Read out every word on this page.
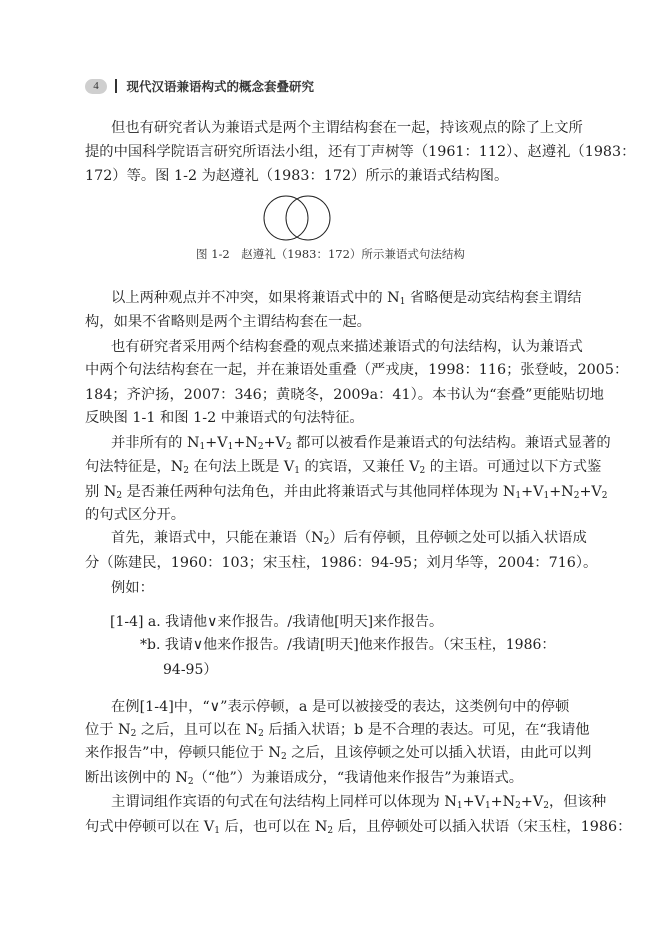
4	现代汉语兼语构式的概念套叠研究
但也有研究者认为兼语式是两个主谓结构套在一起，持该观点的除了上文所
提的中国科学院语言研究所语法小组，还有丁声树等（1961：112）、赵遵礼（1983：
172）等。图 1-2 为赵遵礼（1983：172）所示的兼语式结构图。
以上两种观点并不冲突，如果将兼语式中的 $N_1$ 省略便是动宾结构套主谓结
构，如果不省略则是两个主谓结构套在一起。
也有研究者采用两个结构套叠的观点来描述兼语式的句法结构，认为兼语式
中两个句法结构套在一起，并在兼语处重叠（严戎庚，1998：116；张登岐，2005：
184；齐沪扬，2007：346；黄晓冬，2009a：41）。本书认为“套叠”更能贴切地
反映图 1-1 和图 1-2 中兼语式的句法特征。
并非所有的 $N_1+V_1+N_2+V_2$ 都可以被看作是兼语式的句法结构。兼语式显著的
句法特征是，$N_2$ 在句法上既是 $V_1$ 的宾语，又兼任 $V_2$ 的主语。可通过以下方式鉴
别 $N_2$ 是否兼任两种句法角色，并由此将兼语式与其他同样体现为 $N_1+V_1+N_2+V_2$
的句式区分开。
首先，兼语式中，只能在兼语$(N_2)$后有停顿，且停顿之处可以插入状语成
分（陈建民，1960：103；宋玉柱，1986：94-95；刘月华等，2004：716）。
例如：
在例[1-4]中，“∨”表示停顿，a 是可以被接受的表达，这类例句中的停顿
位于 $N_2$ 之后，且可以在 $N_2$ 后插入状语；b 是不合理的表达。可见，在“我请他
来作报告”中，停顿只能位于 $N_2$ 之后，且该停顿之处可以插入状语，由此可以判
断出该例中的 $N_2(“$他”）为兼语成分，“我请他来作报告”为兼语式。
主谓词组作宾语的句式在句法结构上同样可以体现为 $N_1+V_1+N_2+V_2$，但该种
句式中停顿可以在 $V_1$ 后，也可以在 $N_2$ 后，且停顿处可以插入状语（宋玉柱，1986：
图 1-2　赵遵礼（1983：172）所示兼语式句法结构
[1-4] a. 我请他∨来作报告。/我请他[明天]来作报告。
*b. 我请∨他来作报告。/我请[明天]他来作报告。（宋玉柱，1986：
94-95）
